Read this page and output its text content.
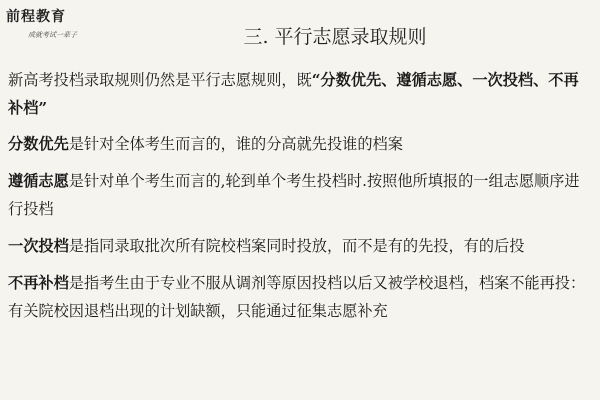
前程教育
成就考试一辈子	三. 平行志愿录取规则

新高考投档录取规则仍然是平行志愿规则，既“分数优先、遵循志愿、一次投档、不再补档”

分数优先是针对全体考生而言的，谁的分高就先投谁的档案

遵循志愿是针对单个考生而言的,轮到单个考生投档时.按照他所填报的一组志愿顺序进行投档

一次投档是指同录取批次所有院校档案同时投放，而不是有的先投，有的后投

不再补档是指考生由于专业不服从调剂等原因投档以后又被学校退档，档案不能再投：有关院校因退档出现的计划缺额，只能通过征集志愿补充
